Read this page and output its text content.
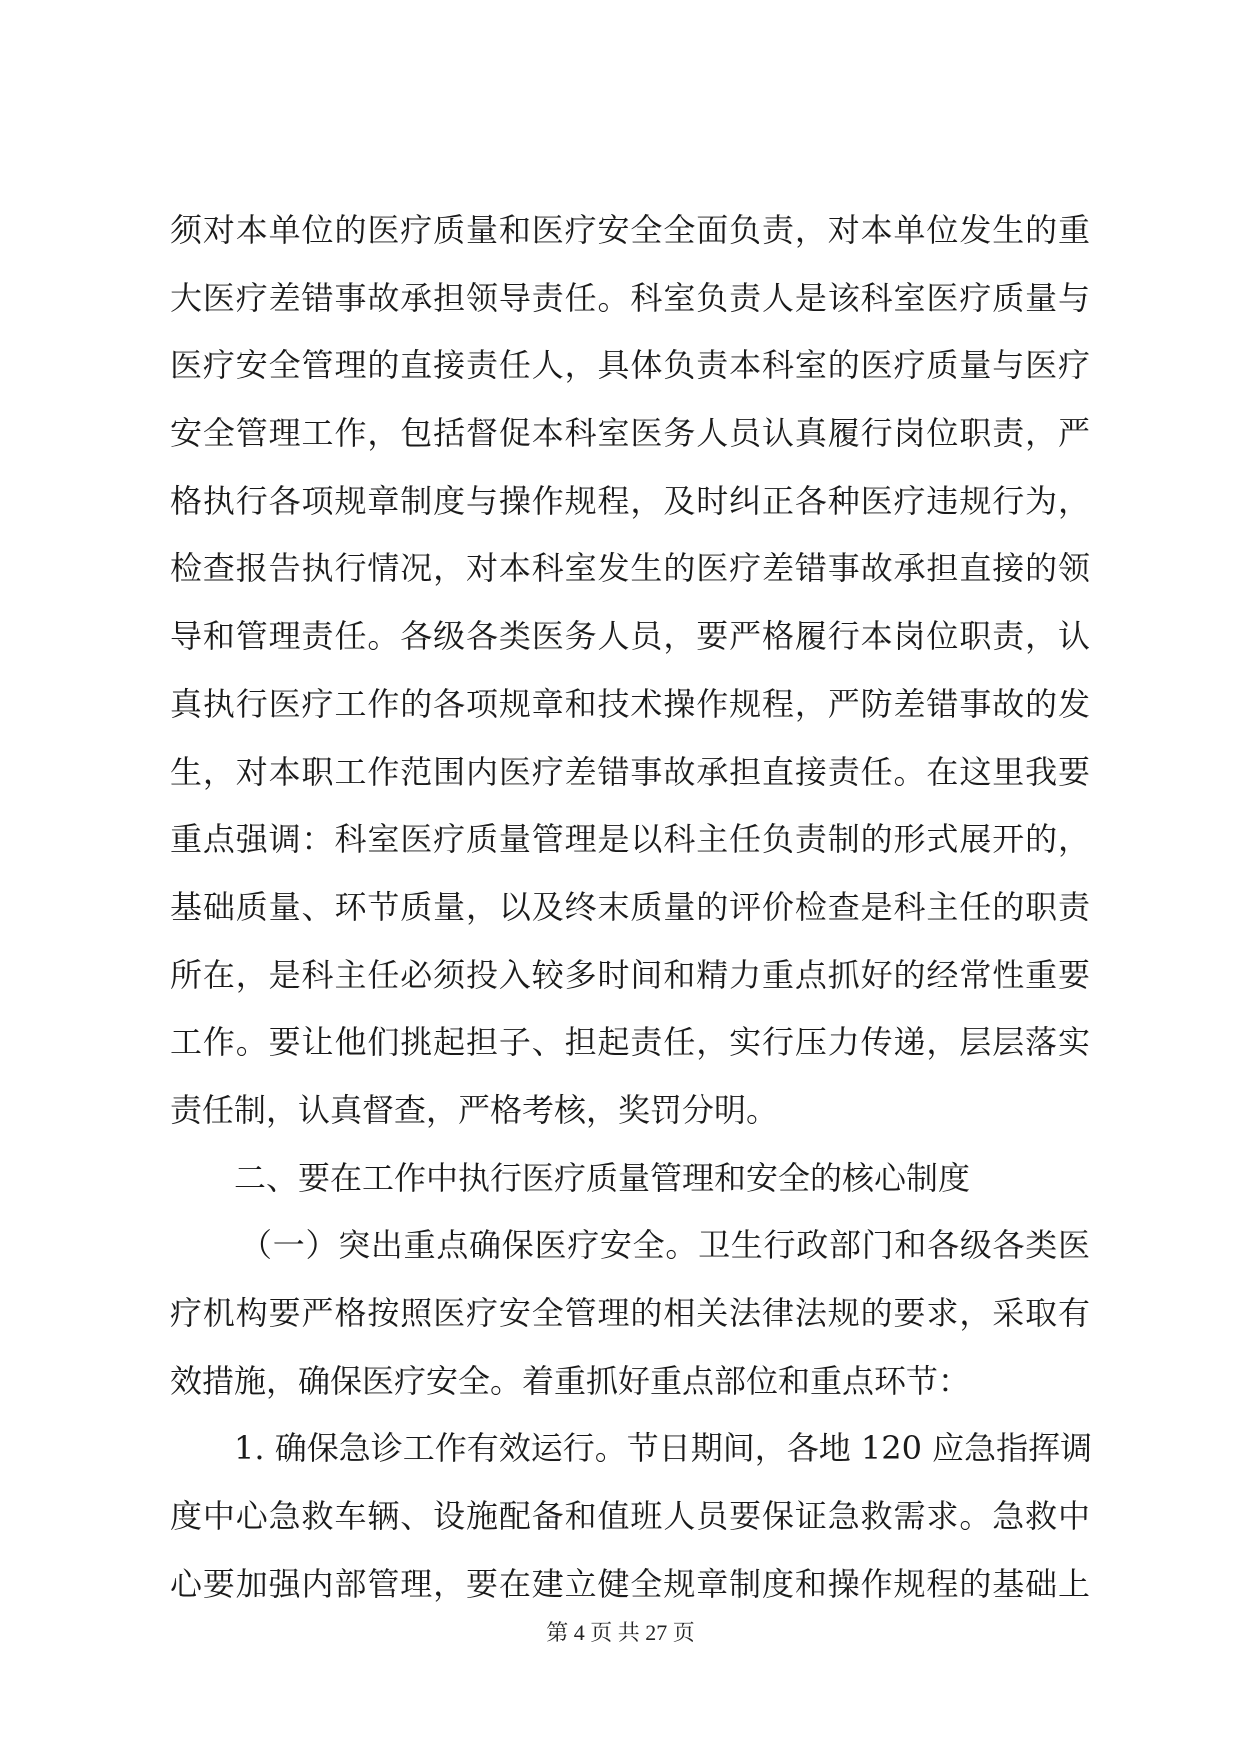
须对本单位的医疗质量和医疗安全全面负责，对本单位发生的重
大医疗差错事故承担领导责任。科室负责人是该科室医疗质量与
医疗安全管理的直接责任人，具体负责本科室的医疗质量与医疗
安全管理工作，包括督促本科室医务人员认真履行岗位职责，严
格执行各项规章制度与操作规程，及时纠正各种医疗违规行为，
检查报告执行情况，对本科室发生的医疗差错事故承担直接的领
导和管理责任。各级各类医务人员，要严格履行本岗位职责，认
真执行医疗工作的各项规章和技术操作规程，严防差错事故的发
生，对本职工作范围内医疗差错事故承担直接责任。在这里我要
重点强调：科室医疗质量管理是以科主任负责制的形式展开的，
基础质量、环节质量，以及终末质量的评价检查是科主任的职责
所在，是科主任必须投入较多时间和精力重点抓好的经常性重要
工作。要让他们挑起担子、担起责任，实行压力传递，层层落实
责任制，认真督查，严格考核，奖罚分明。
二、要在工作中执行医疗质量管理和安全的核心制度
（一）突出重点确保医疗安全。卫生行政部门和各级各类医
疗机构要严格按照医疗安全管理的相关法律法规的要求，采取有
效措施，确保医疗安全。着重抓好重点部位和重点环节：
1. 确保急诊工作有效运行。节日期间，各地 120 应急指挥调
度中心急救车辆、设施配备和值班人员要保证急救需求。急救中
心要加强内部管理，要在建立健全规章制度和操作规程的基础上
第 4 页 共 27 页
